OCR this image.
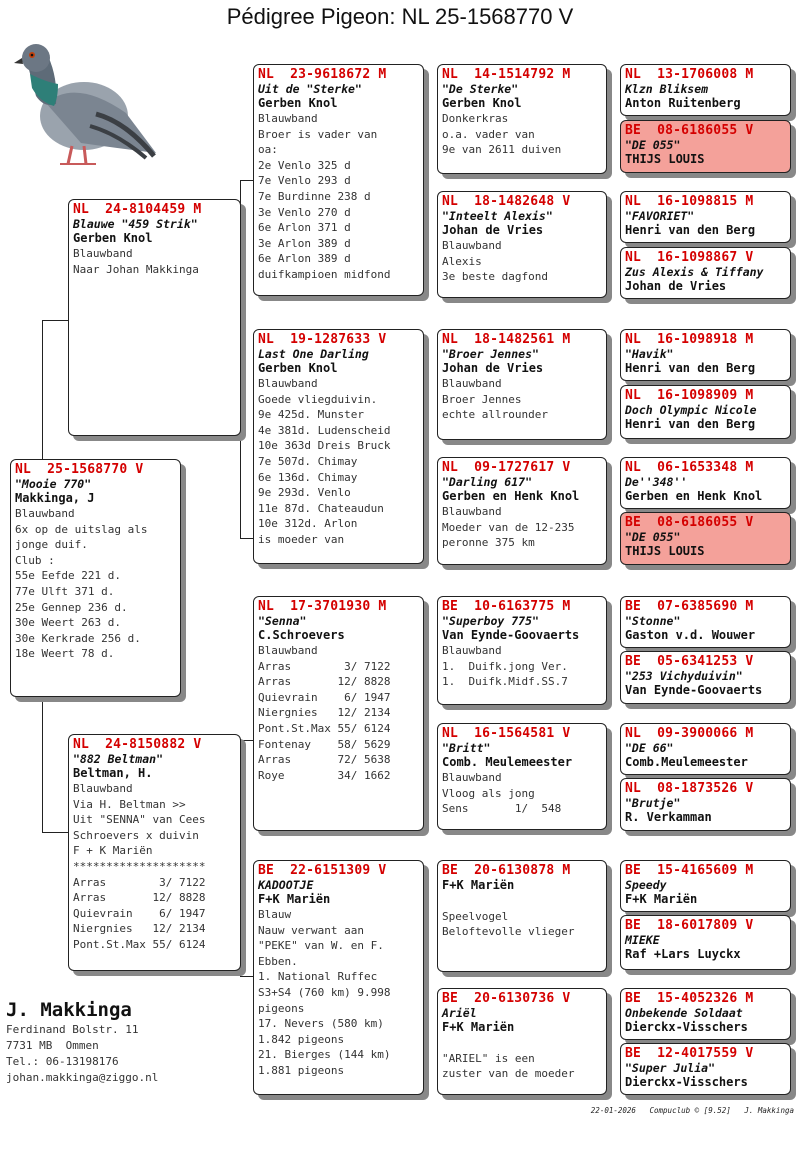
Pédigree Pigeon: NL 25-1568770 V
NL  25-1568770 V
"Mooie 770"
Makkinga, J
Blauwband
6x op de uitslag als
jonge duif.
Club :
55e Eefde 221 d.
77e Ulft 371 d.
25e Gennep 236 d.
30e Weert 263 d.
30e Kerkrade 256 d.
18e Weert 78 d.
NL  24-8104459 M
Blauwe "459 Strik"
Gerben Knol
Blauwband
Naar Johan Makkinga
NL  24-8150882 V
"882 Beltman"
Beltman, H.
Blauwband
Via H. Beltman >>
Uit "SENNA" van Cees
Schroevers x duivin
F + K Mariën
********************
Arras        3/ 7122
Arras       12/ 8828
Quievrain    6/ 1947
Niergnies   12/ 2134
Pont.St.Max 55/ 6124
NL  23-9618672 M
Uit de "Sterke"
Gerben Knol
Blauwband
Broer is vader van
oa:
2e Venlo 325 d
7e Venlo 293 d
7e Burdinne 238 d
3e Venlo 270 d
6e Arlon 371 d
3e Arlon 389 d
6e Arlon 389 d
duifkampioen midfond
NL  19-1287633 V
Last One Darling
Gerben Knol
Blauwband
Goede vliegduivin.
9e 425d. Munster
4e 381d. Ludenscheid
10e 363d Dreis Bruck
7e 507d. Chimay
6e 136d. Chimay
9e 293d. Venlo
11e 87d. Chateaudun
10e 312d. Arlon
is moeder van
NL  17-3701930 M
"Senna"
C.Schroevers
Blauwband
Arras        3/ 7122
Arras       12/ 8828
Quievrain    6/ 1947
Niergnies   12/ 2134
Pont.St.Max 55/ 6124
Fontenay    58/ 5629
Arras       72/ 5638
Roye        34/ 1662
BE  22-6151309 V
KADOOTJE
F+K Mariën
Blauw
Nauw verwant aan
"PEKE" van W. en F.
Ebben.
1. National Ruffec
S3+S4 (760 km) 9.998
pigeons
17. Nevers (580 km)
1.842 pigeons
21. Bierges (144 km)
1.881 pigeons
NL  14-1514792 M
"De Sterke"
Gerben Knol
Donkerkras
o.a. vader van
9e van 2611 duiven
NL  18-1482648 V
"Inteelt Alexis"
Johan de Vries
Blauwband
Alexis
3e beste dagfond
NL  18-1482561 M
"Broer Jennes"
Johan de Vries
Blauwband
Broer Jennes
echte allrounder
NL  09-1727617 V
"Darling 617"
Gerben en Henk Knol
Blauwband
Moeder van de 12-235
peronne 375 km
BE  10-6163775 M
"Superboy 775"
Van Eynde-Goovaerts
Blauwband
1.  Duifk.jong Ver.
1.  Duifk.Midf.SS.7
NL  16-1564581 V
"Britt"
Comb. Meulemeester
Blauwband
Vloog als jong
Sens       1/  548
BE  20-6130878 M
F+K Mariën

Speelvogel
Beloftevolle vlieger
BE  20-6130736 V
Ariël
F+K Mariën

"ARIEL" is een
zuster van de moeder
NL  13-1706008 M
Klzn Bliksem
Anton Ruitenberg
BE  08-6186055 V
"DE 055"
THIJS LOUIS
NL  16-1098815 M
"FAVORIET"
Henri van den Berg
NL  16-1098867 V
Zus Alexis & Tiffany
Johan de Vries
NL  16-1098918 M
"Havik"
Henri van den Berg
NL  16-1098909 M
Doch Olympic Nicole
Henri van den Berg
NL  06-1653348 M
De''348''
Gerben en Henk Knol
BE  08-6186055 V
"DE 055"
THIJS LOUIS
BE  07-6385690 M
"Stonne"
Gaston v.d. Wouwer
BE  05-6341253 V
"253 Vichyduivin"
Van Eynde-Goovaerts
NL  09-3900066 M
"DE 66"
Comb.Meulemeester
NL  08-1873526 V
"Brutje"
R. Verkamman
BE  15-4165609 M
Speedy
F+K Mariën
BE  18-6017809 V
MIEKE
Raf +Lars Luyckx
BE  15-4052326 M
Onbekende Soldaat
Dierckx-Visschers
BE  12-4017559 V
"Super Julia"
Dierckx-Visschers
J. Makkinga
Ferdinand Bolstr. 11
7731 MB  Ommen
Tel.: 06-13198176
johan.makkinga@ziggo.nl
22-01-2026   Compuclub © [9.52]   J. Makkinga
